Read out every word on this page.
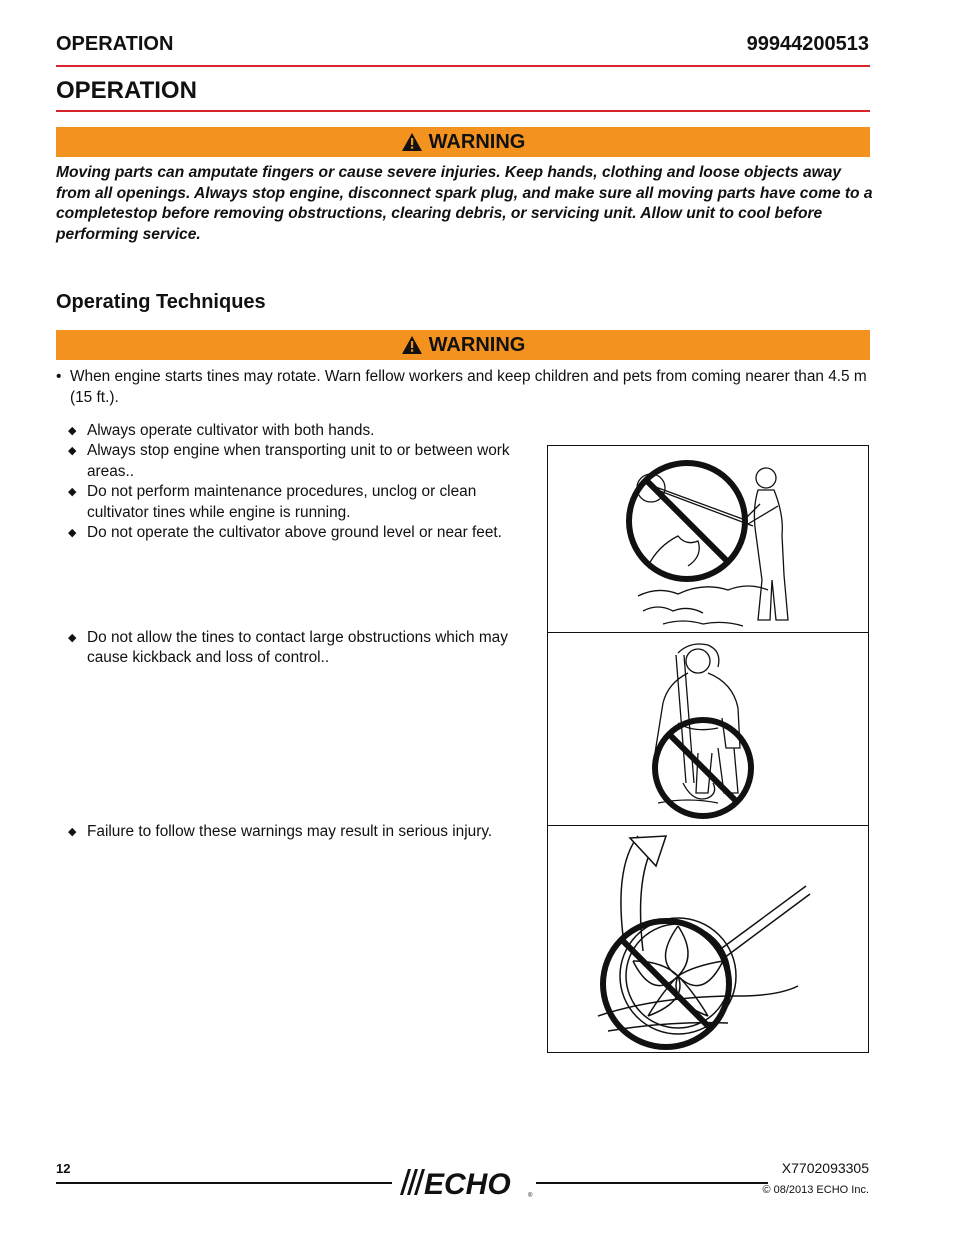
OPERATION	99944200513
OPERATION
WARNING
Moving parts can amputate fingers or cause severe injuries. Keep hands, clothing and loose objects away from all openings. Always stop engine, disconnect spark plug, and make sure all moving parts have come to a completestop before removing obstructions, clearing debris, or servicing unit. Allow unit to cool before performing service.
Operating Techniques
WARNING
• When engine starts tines may rotate. Warn fellow workers and keep children and pets from coming nearer than 4.5 m (15 ft.).
◆ Always operate cultivator with both hands.
◆ Always stop engine when transporting unit to or between work areas..
◆ Do not perform maintenance procedures, unclog or clean cultivator tines while engine is running.
◆ Do not operate the cultivator above ground level or near feet.
◆ Do not allow the tines to contact large obstructions which may cause kickback and loss of control..
◆ Failure to follow these warnings may result in serious injury.
12	ECHO	®
X7702093305
© 08/2013 ECHO Inc.
